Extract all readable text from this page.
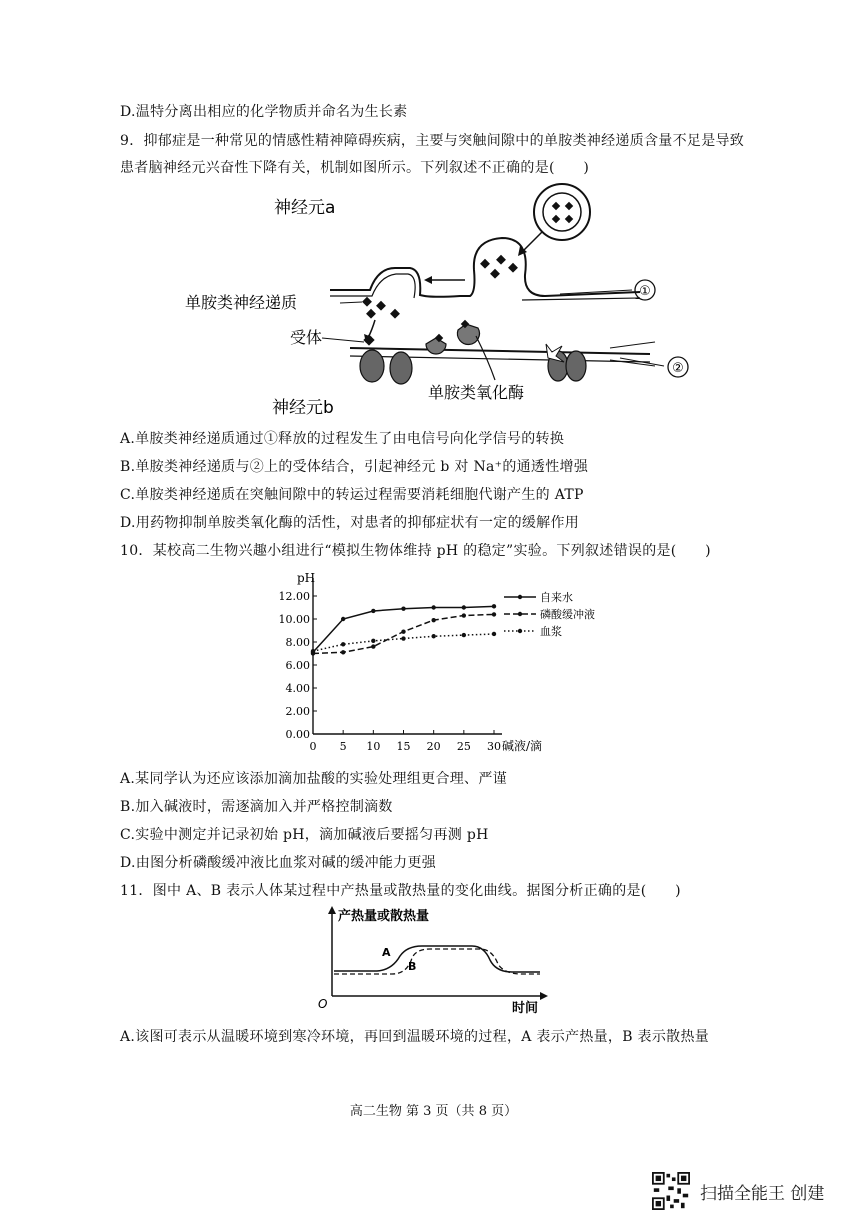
D.温特分离出相应的化学物质并命名为生长素
9．抑郁症是一种常见的情感性精神障碍疾病，主要与突触间隙中的单胺类神经递质含量不足是导致
患者脑神经元兴奋性下降有关，机制如图所示。下列叙述不正确的是(　　)
①
②
神经元a
单胺类神经递质
受体
单胺类氧化酶
神经元b
A.单胺类神经递质通过①释放的过程发生了由电信号向化学信号的转换
B.单胺类神经递质与②上的受体结合，引起神经元 b 对 Na⁺的通透性增强
C.单胺类神经递质在突触间隙中的转运过程需要消耗细胞代谢产生的 ATP
D.用药物抑制单胺类氧化酶的活性，对患者的抑郁症状有一定的缓解作用
10．某校高二生物兴趣小组进行“模拟生物体维持 pH 的稳定”实验。下列叙述错误的是(　　)
pH
碱液/滴
0.00
2.00
4.00
6.00
8.00
10.00
12.00
0 5 10 15 20 25 30
自来水
磷酸缓冲液
血浆
A.某同学认为还应该添加滴加盐酸的实验处理组更合理、严谨
B.加入碱液时，需逐滴加入并严格控制滴数
C.实验中测定并记录初始 pH，滴加碱液后要摇匀再测 pH
D.由图分析磷酸缓冲液比血浆对碱的缓冲能力更强
11．图中 A、B 表示人体某过程中产热量或散热量的变化曲线。据图分析正确的是(　　)
产热量或散热量
时间
O
A
B
A.该图可表示从温暖环境到寒冷环境，再回到温暖环境的过程，A 表示产热量，B 表示散热量
高二生物 第 3 页（共 8 页）
扫描全能王 创建
